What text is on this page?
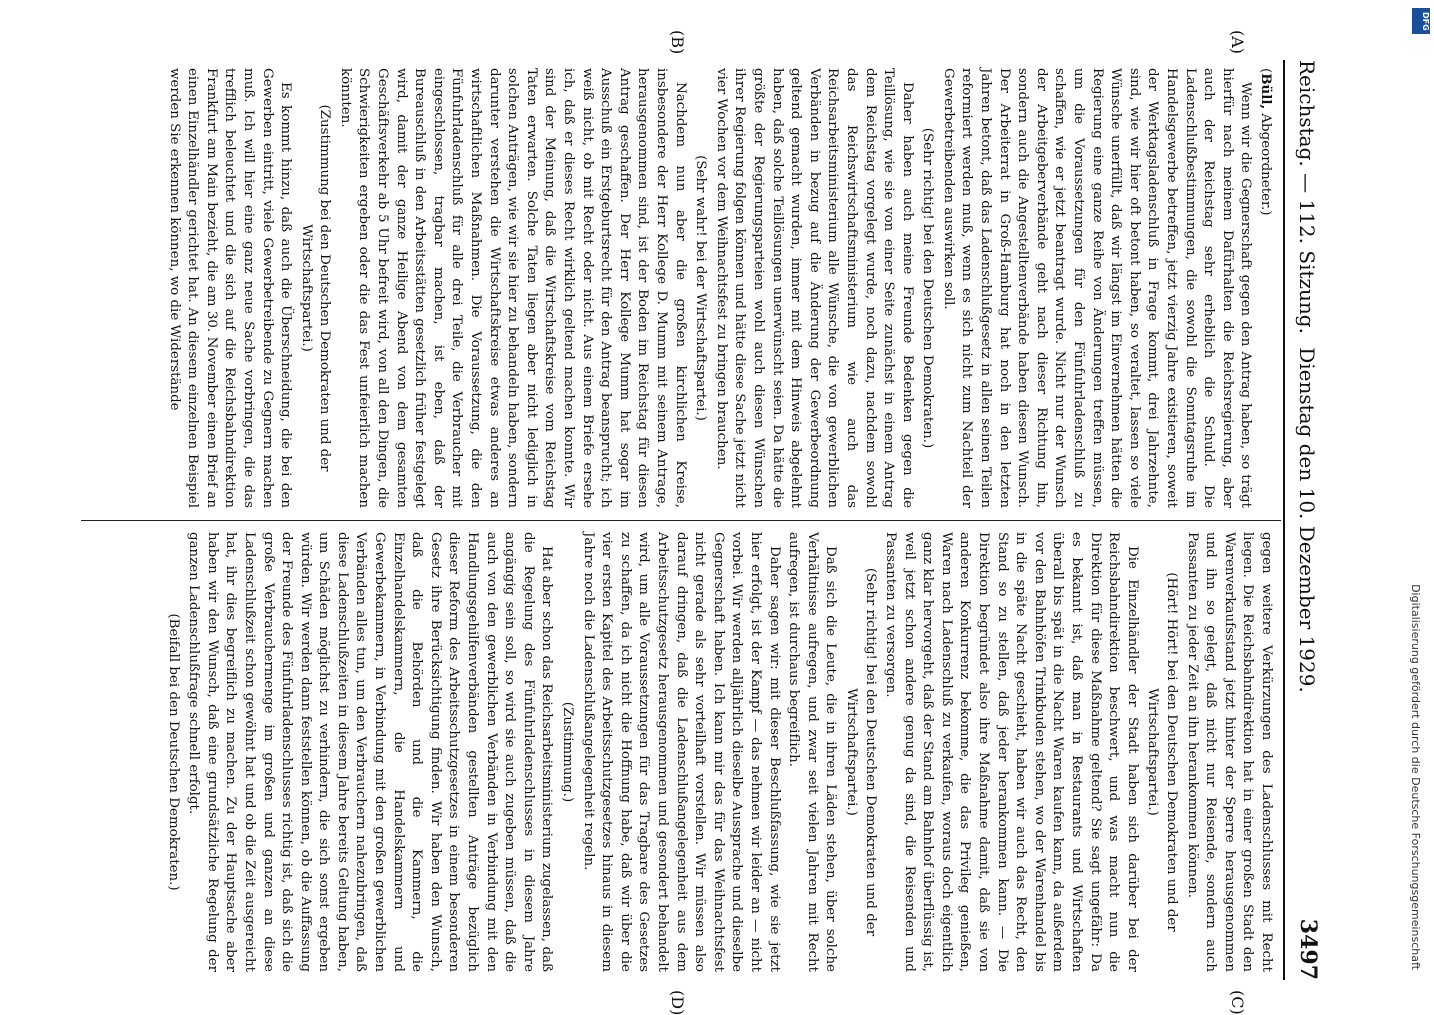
Reichstag. — 112. Sitzung.
Dienstag den 10. Dezember 1929.
3497

(Büll, Abgeordneter.)

Wenn wir die Gegnerschaft gegen den Antrag haben, so trägt hierfür nach meinem Dafürhalten die Reichsregierung, aber auch der Reichstag sehr erheblich die Schuld. Die Ladenschlußbestimmungen, die sowohl die Sonntagsruhe im Handelsgewerbe betreffen, jetzt vierzig Jahre existieren, soweit der Werktagsladenschluß in Frage kommt, drei Jahrzehnte, sind, wie wir hier oft betont haben, so veraltet, lassen so viele Wünsche unerfüllt, daß wir längst im Einvernehmen hätten die Regierung eine ganze Reihe von Änderungen treffen müssen, um die Voraussetzungen für den Fünfuhrladenschluß zu schaffen, wie er jetzt beantragt wurde. Nicht nur der Wunsch der Arbeitgeberverbände geht nach dieser Richtung hin, sondern auch die Angestelltenverbände haben diesen Wunsch. Der Arbeiterrat in Groß-Hamburg hat noch in den letzten Jahren betont, daß das Ladenschlußgesetz in allen seinen Teilen reformiert werden muß, wenn es sich nicht zum Nachteil der Gewerbetreibenden auswirken soll.

(Sehr richtig! bei den Deutschen Demokraten.)

Daher haben auch meine Freunde Bedenken gegen die Teillösung, wie sie von einer Seite zunächst in einem Antrag dem Reichstag vorgelegt wurde, noch dazu, nachdem sowohl das Reichswirtschaftsministerium wie auch das Reichsarbeitsministerium alle Wünsche, die von gewerblichen Verbänden in bezug auf die Änderung der Gewerbeordnung geltend gemacht wurden, immer mit dem Hinweis abgelehnt haben, daß solche Teillösungen unerwünscht seien. Da hätte die größte der Regierungsparteien wohl auch diesen Wünschen ihrer Regierung folgen können und hätte diese Sache jetzt nicht vier Wochen vor dem Weihnachtsfest zu bringen brauchen.

(Sehr wahr! bei der Wirtschaftspartei.)

Nachdem nun aber die großen kirchlichen Kreise, insbesondere der Herr Kollege D. Mumm mit seinem Antrage, herausgenommen sind, ist der Boden im Reichstag für diesen Antrag geschaffen. Der Herr Kollege Mumm hat sogar im Ausschuß ein Erstgeburtsrecht für den Antrag beansprucht; ich weiß nicht, ob mit Recht oder nicht. Aus einem Briefe ersehe ich, daß er dieses Recht wirklich geltend machen konnte. Wir sind der Meinung, daß die Wirtschaftskreise vom Reichstag Taten erwarten. Solche Taten liegen aber nicht lediglich in solchen Anträgen, wie wir sie hier zu behandeln haben, sondern darunter verstehen die Wirtschaftskreise etwas anderes an wirtschaftlichen Maßnahmen. Die Voraussetzung, die den Fünfuhrladenschluß für alle drei Teile, die Verbraucher mit eingeschlossen, tragbar machen, ist eben, daß der Bureauschluß in den Arbeitsstätten gesetzlich früher festgelegt wird, damit der ganze Heilige Abend von dem gesamten Geschäftsverkehr ab 5 Uhr befreit wird, von all den Dingen, die Schwierigkeiten ergeben oder die das Fest unfeierlich machen könnten.

(Zustimmung bei den Deutschen Demokraten und der Wirtschaftspartei.)

Es kommt hinzu, daß auch die Überschneidung, die bei den Gewerben eintritt, viele Gewerbetreibende zu Gegnern machen muß. Ich will hier eine ganz neue Sache vorbringen, die das trefflich beleuchtet und die sich auf die Reichsbahndirektion Frankfurt am Main bezieht, die am 30. November einen Brief an einen Einzelhändler gerichtet hat. An diesem einzelnen Beispiel werden Sie erkennen können, wo die Widerstände

gegen weitere Verkürzungen des Ladenschlusses mit Recht liegen. Die Reichsbahndirektion hat in einer großen Stadt den Warenverkaufsstand jetzt hinter der Sperre herausgenommen und ihn so gelegt, daß nicht nur Reisende, sondern auch Passanten zu jeder Zeit an ihn herankommen können.

(Hört! Hört! bei den Deutschen Demokraten und der Wirtschaftspartei.)

Die Einzelhändler der Stadt haben sich darüber bei der Reichsbahndirektion beschwert, und was macht nun die Direktion für diese Maßnahme geltend? Sie sagt ungefähr: Da es bekannt ist, daß man in Restaurants und Wirtschaften überall bis spät in die Nacht Waren kaufen kann, da außerdem vor den Bahnhöfen Trinkbuden stehen, wo der Warenhandel bis in die späte Nacht geschieht, haben wir auch das Recht, den Stand so zu stellen, daß jeder herankommen kann. — Die Direktion begründet also ihre Maßnahme damit, daß sie von anderen Konkurrenz bekomme, die das Privileg genießen, Waren nach Ladenschluß zu verkaufen, woraus doch eigentlich ganz klar hervorgeht, daß der Stand am Bahnhof überflüssig ist, weil jetzt schon andere genug da sind, die Reisenden und Passanten zu versorgen.

(Sehr richtig! bei den Deutschen Demokraten und der Wirtschaftspartei.)

Daß sich die Leute, die in ihren Läden stehen, über solche Verhältnisse aufregen, und zwar seit vielen Jahren mit Recht aufregen, ist durchaus begreiflich.

Daher sagen wir: mit dieser Beschlußfassung, wie sie jetzt hier erfolgt, ist der Kampf — das nehmen wir leider an — nicht vorbei. Wir werden alljährlich dieselbe Aussprache und dieselbe Gegnerschaft haben. Ich kann mir das für das Weihnachtsfest nicht gerade als sehr vorteilhaft vorstellen. Wir müssen also darauf dringen, daß die Ladenschlußangelegenheit aus dem Arbeitsschutzgesetz herausgenommen und gesondert behandelt wird, um alle Voraussetzungen für das Tragbare des Gesetzes zu schaffen, da ich nicht die Hoffnung habe, daß wir über die vier ersten Kapitel des Arbeitsschutzgesetzes hinaus in diesem Jahre noch die Ladenschlußangelegenheit regeln.

(Zustimmung.)

Hat aber schon das Reichsarbeitsministerium zugelassen, daß die Regelung des Fünfuhrladenschlusses in diesem Jahre angängig sein soll, so wird sie auch zugeben müssen, daß die auch von den gewerblichen Verbänden in Verbindung mit den Handlungsgehilfenverbänden gestellten Anträge bezüglich dieser Reform des Arbeitsschutzgesetzes in einem besonderen Gesetz ihre Berücksichtigung finden. Wir haben den Wunsch, daß die Behörden und die Kammern, die Einzelhandelskammern, die Handelskammern und Gewerbekammern, in Verbindung mit den großen gewerblichen Verbänden alles tun, um den Verbrauchern nahezubringen, daß diese Ladenschlußzeiten in diesem Jahre bereits Geltung haben, um Schäden möglichst zu verhindern, die sich sonst ergeben würden. Wir werden dann feststellen können, ob die Auffassung der Freunde des Fünfuhrladenschlusses richtig ist, daß sich die große Verbrauchermenge im großen und ganzen an diese Ladenschlußzeit schon gewöhnt hat und ob die Zeit ausgereicht hat, ihr dies begreiflich zu machen. Zu der Hauptsache aber haben wir den Wunsch, daß eine grundsätzliche Regelung der ganzen Ladenschlußfrage schnell erfolgt.

(Beifall bei den Deutschen Demokraten.)

(A)
(B)
(C)
(D)
DFG
Digitalisierung gefördert durch die Deutsche Forschungsgemeinschaft
